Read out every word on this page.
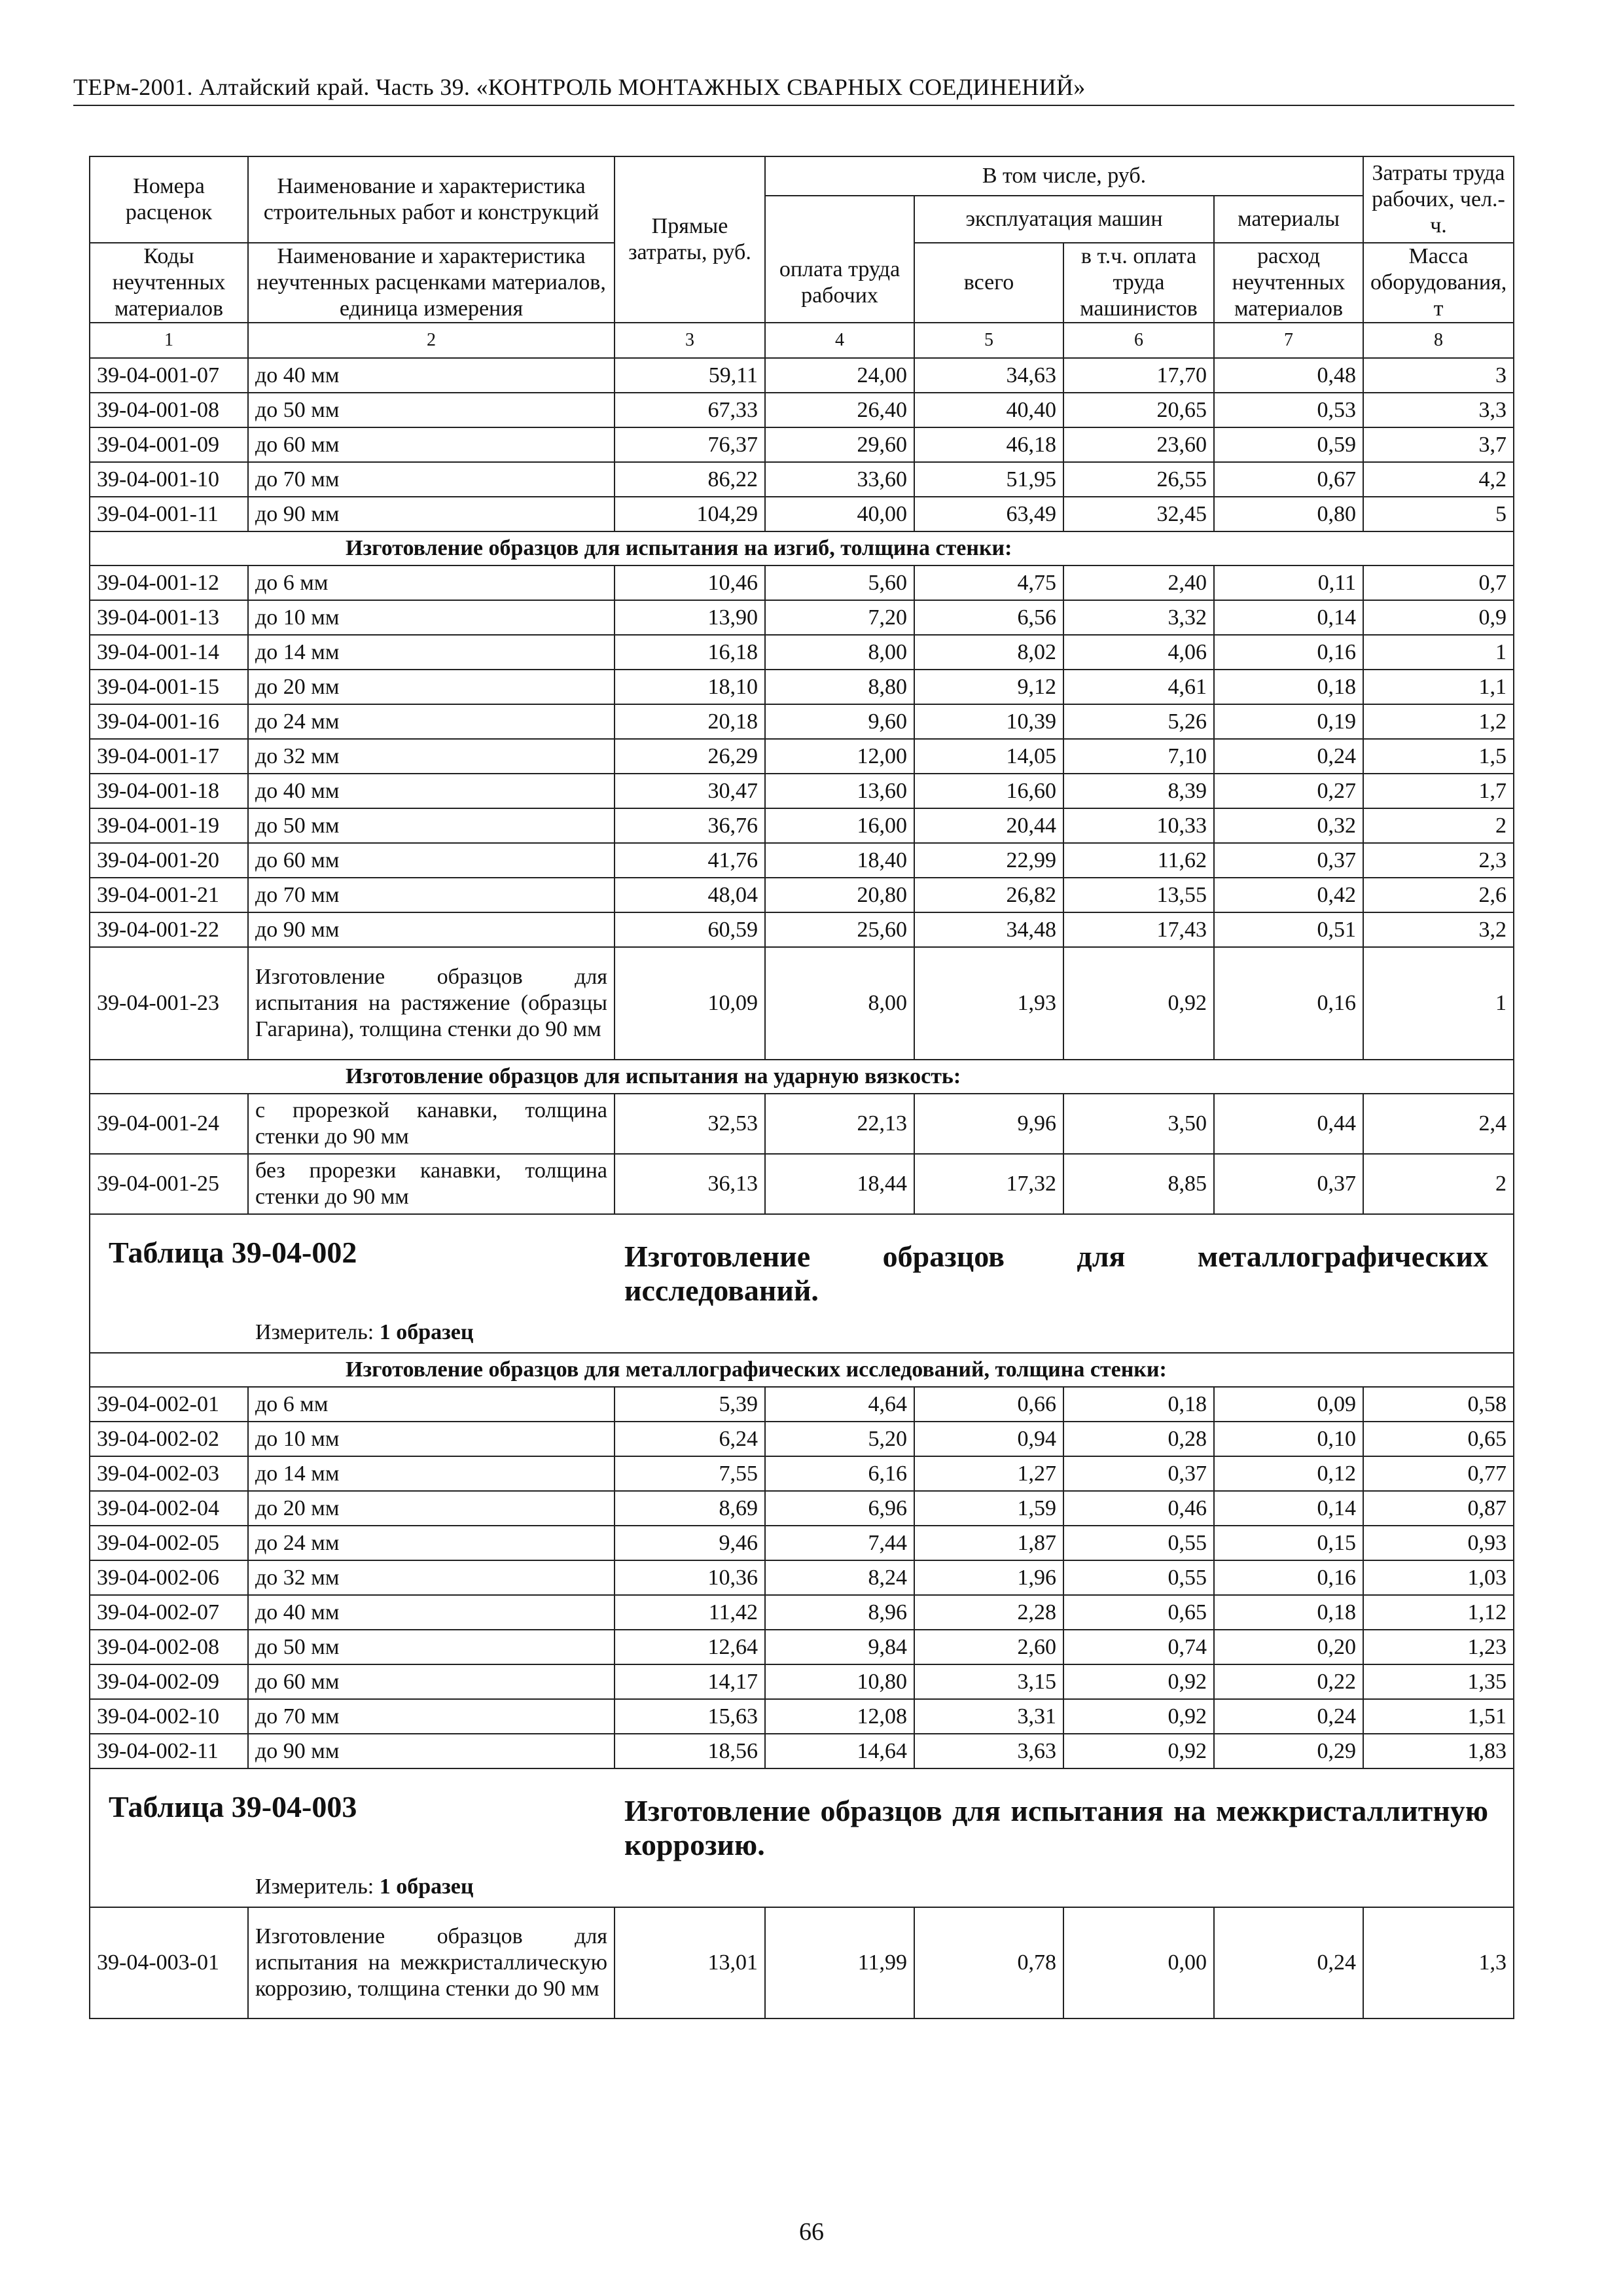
ТЕРм-2001. Алтайский край. Часть 39. «КОНТРОЛЬ МОНТАЖНЫХ СВАРНЫХ СОЕДИНЕНИЙ»
Номера расценок	Наименование и характеристика строительных работ и конструкций	Прямые затраты, руб.	В том числе, руб.				Затраты труда рабочих, чел.-ч.
				эксплуатация машин		материалы	
Коды неучтенных материалов	Наименование и характеристика неучтенных расценками материалов, единица измерения		оплата труда рабочих	всего	в т.ч. оплата труда машинистов	расход неучтенных материалов	Масса оборудования, т
1	2	3	4	5	6	7	8
39-04-001-07	до 40 мм	59,11	24,00	34,63	17,70	0,48	3
39-04-001-08	до 50 мм	67,33	26,40	40,40	20,65	0,53	3,3
39-04-001-09	до 60 мм	76,37	29,60	46,18	23,60	0,59	3,7
39-04-001-10	до 70 мм	86,22	33,60	51,95	26,55	0,67	4,2
39-04-001-11	до 90 мм	104,29	40,00	63,49	32,45	0,80	5
Изготовление образцов для испытания на изгиб, толщина стенки:							
39-04-001-12	до 6 мм	10,46	5,60	4,75	2,40	0,11	0,7
39-04-001-13	до 10 мм	13,90	7,20	6,56	3,32	0,14	0,9
39-04-001-14	до 14 мм	16,18	8,00	8,02	4,06	0,16	1
39-04-001-15	до 20 мм	18,10	8,80	9,12	4,61	0,18	1,1
39-04-001-16	до 24 мм	20,18	9,60	10,39	5,26	0,19	1,2
39-04-001-17	до 32 мм	26,29	12,00	14,05	7,10	0,24	1,5
39-04-001-18	до 40 мм	30,47	13,60	16,60	8,39	0,27	1,7
39-04-001-19	до 50 мм	36,76	16,00	20,44	10,33	0,32	2
39-04-001-20	до 60 мм	41,76	18,40	22,99	11,62	0,37	2,3
39-04-001-21	до 70 мм	48,04	20,80	26,82	13,55	0,42	2,6
39-04-001-22	до 90 мм	60,59	25,60	34,48	17,43	0,51	3,2
39-04-001-23	Изготовление образцов для испытания на растяжение (образцы Гагарина), толщина стенки до 90 мм	10,09	8,00	1,93	0,92	0,16	1
Изготовление образцов для испытания на ударную вязкость:							
39-04-001-24	с прорезкой канавки, толщина стенки до 90 мм	32,53	22,13	9,96	3,50	0,44	2,4
39-04-001-25	без прорезки канавки, толщина стенки до 90 мм	36,13	18,44	17,32	8,85	0,37	2

Таблица 39-04-002 Изготовление образцов для металлографических исследований.
Измеритель: 1 образец							

Изготовление образцов для металлографических исследований, толщина стенки:							
39-04-002-01	до 6 мм	5,39	4,64	0,66	0,18	0,09	0,58
39-04-002-02	до 10 мм	6,24	5,20	0,94	0,28	0,10	0,65
39-04-002-03	до 14 мм	7,55	6,16	1,27	0,37	0,12	0,77
39-04-002-04	до 20 мм	8,69	6,96	1,59	0,46	0,14	0,87
39-04-002-05	до 24 мм	9,46	7,44	1,87	0,55	0,15	0,93
39-04-002-06	до 32 мм	10,36	8,24	1,96	0,55	0,16	1,03
39-04-002-07	до 40 мм	11,42	8,96	2,28	0,65	0,18	1,12
39-04-002-08	до 50 мм	12,64	9,84	2,60	0,74	0,20	1,23
39-04-002-09	до 60 мм	14,17	10,80	3,15	0,92	0,22	1,35
39-04-002-10	до 70 мм	15,63	12,08	3,31	0,92	0,24	1,51
39-04-002-11	до 90 мм	18,56	14,64	3,63	0,92	0,29	1,83

Таблица 39-04-003 Изготовление образцов для испытания на межкристаллитную коррозию.
Измеритель: 1 образец							

39-04-003-01	Изготовление образцов для испытания на межкристаллическую коррозию, толщина стенки до 90 мм	13,01	11,99	0,78	0,00	0,24	1,3
66
